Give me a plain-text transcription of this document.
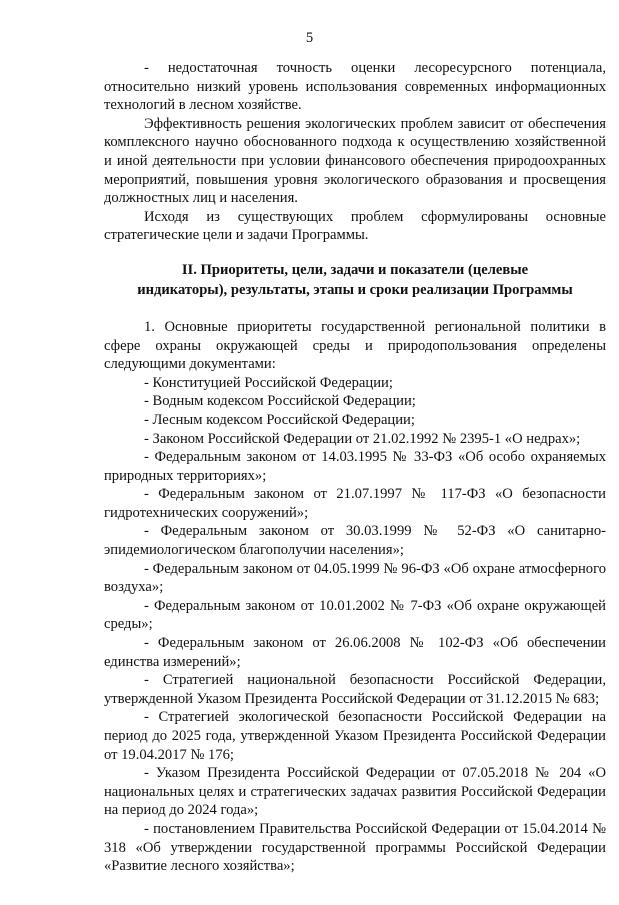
5

- недостаточная точность оценки лесоресурсного потенциала, относительно низкий уровень использования современных информационных технологий в лесном хозяйстве.

Эффективность решения экологических проблем зависит от обеспечения комплексного научно обоснованного подхода к осуществлению хозяйственной и иной деятельности при условии финансового обеспечения природоохранных мероприятий, повышения уровня экологического образования и просвещения должностных лиц и населения.

Исходя из существующих проблем сформулированы основные стратегические цели и задачи Программы.

II. Приоритеты, цели, задачи и показатели (целевые
индикаторы), результаты, этапы и сроки реализации Программы

1. Основные приоритеты государственной региональной политики в сфере охраны окружающей среды и природопользования определены следующими документами:

- Конституцией Российской Федерации;
- Водным кодексом Российской Федерации;
- Лесным кодексом Российской Федерации;
- Законом Российской Федерации от 21.02.1992 № 2395-1 «О недрах»;
- Федеральным законом от 14.03.1995 № 33-ФЗ «Об особо охраняемых природных территориях»;
- Федеральным законом от 21.07.1997 № 117-ФЗ «О безопасности гидротехнических сооружений»;
- Федеральным законом от 30.03.1999 № 52-ФЗ «О санитарно-эпидемиологическом благополучии населения»;
- Федеральным законом от 04.05.1999 № 96-ФЗ «Об охране атмосферного воздуха»;
- Федеральным законом от 10.01.2002 № 7-ФЗ «Об охране окружающей среды»;
- Федеральным законом от 26.06.2008 № 102-ФЗ «Об обеспечении единства измерений»;
- Стратегией национальной безопасности Российской Федерации, утвержденной Указом Президента Российской Федерации от 31.12.2015 № 683;
- Стратегией экологической безопасности Российской Федерации на период до 2025 года, утвержденной Указом Президента Российской Федерации от 19.04.2017 № 176;
- Указом Президента Российской Федерации от 07.05.2018 № 204 «О национальных целях и стратегических задачах развития Российской Федерации на период до 2024 года»;
- постановлением Правительства Российской Федерации от 15.04.2014 № 318 «Об утверждении государственной программы Российской Федерации «Развитие лесного хозяйства»;
